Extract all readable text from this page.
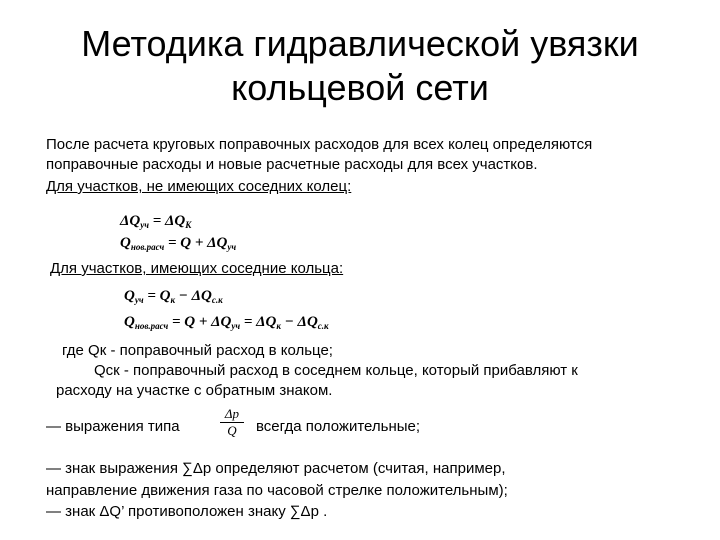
Методика гидравлической увязки
кольцевой сети
После расчета круговых поправочных расходов для всех колец определяются
поправочные расходы и новые расчетные расходы для всех участков.
Для участков, не имеющих соседних колец:
$\Delta Q_{уч} = \Delta Q_К$
$Q_{нов.расч} = Q + \Delta Q_{уч}$
Для участков, имеющих соседние кольца:
$Q_{уч} = Q_к - \Delta Q_{с.к}$
$Q_{нов.расч} = Q + \Delta Q_{уч} = \Delta Q_к - \Delta Q_{с.к}$
где Qк - поправочный расход в кольце;
Qск - поправочный расход в соседнем кольце, который прибавляют к
расходу на участке с обратным знаком.
— выражения типа
Δp
Q	всегда положительные;
— знак выражения ∑Δp определяют расчетом (считая, например,
направление движения газа по часовой стрелке положительным);
— знак ΔQ’ противоположен знаку ∑Δp .
